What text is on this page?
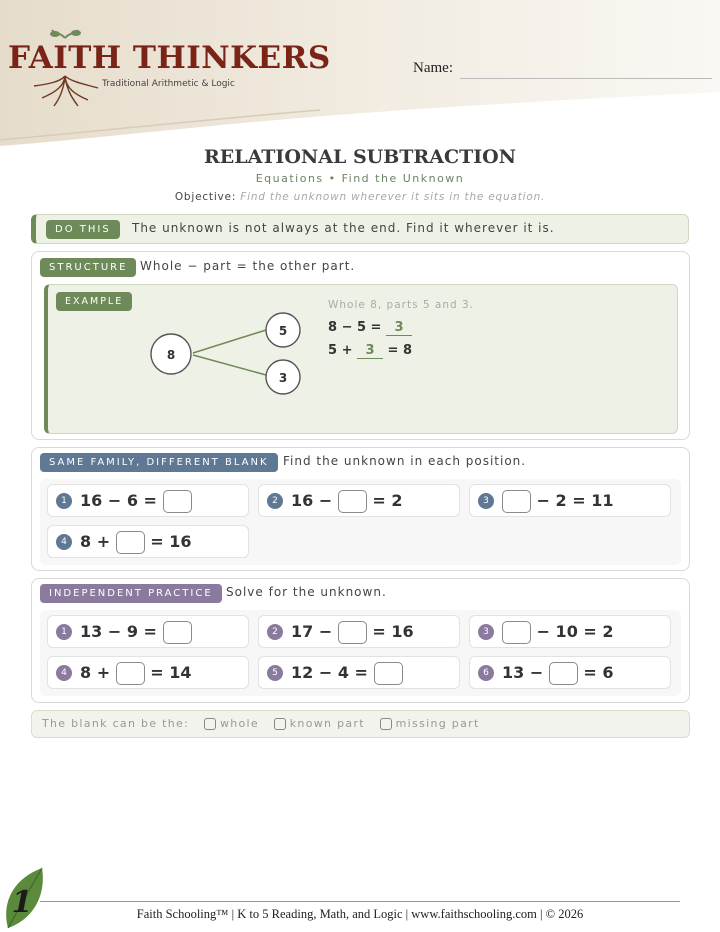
FAITH THINKERS
Traditional Arithmetic & Logic
Name:
RELATIONAL SUBTRACTION
Equations • Find the Unknown
Objective: Find the unknown wherever it sits in the equation.
DO THIS	The unknown is not always at the end. Find it wherever it is.
STRUCTURE	Whole − part = the other part.
EXAMPLE
8
5
3
Whole 8, parts 5 and 3.
8 − 5 = 3
5 + 3 = 8
SAME FAMILY, DIFFERENT BLANK	Find the unknown in each position.
1 16 − 6 =	2 16 −	= 2	3	− 2 = 11
4 8 +	= 16
INDEPENDENT PRACTICE	Solve for the unknown.
1 13 − 9 =	2 17 −	= 16	3	− 10 = 2
4 8 +	= 14	5 12 − 4 =	6 13 −	= 6
The blank can be the:	whole	known part	missing part
1	Faith Schooling™ | K to 5 Reading, Math, and Logic | www.faithschooling.com | © 2026
